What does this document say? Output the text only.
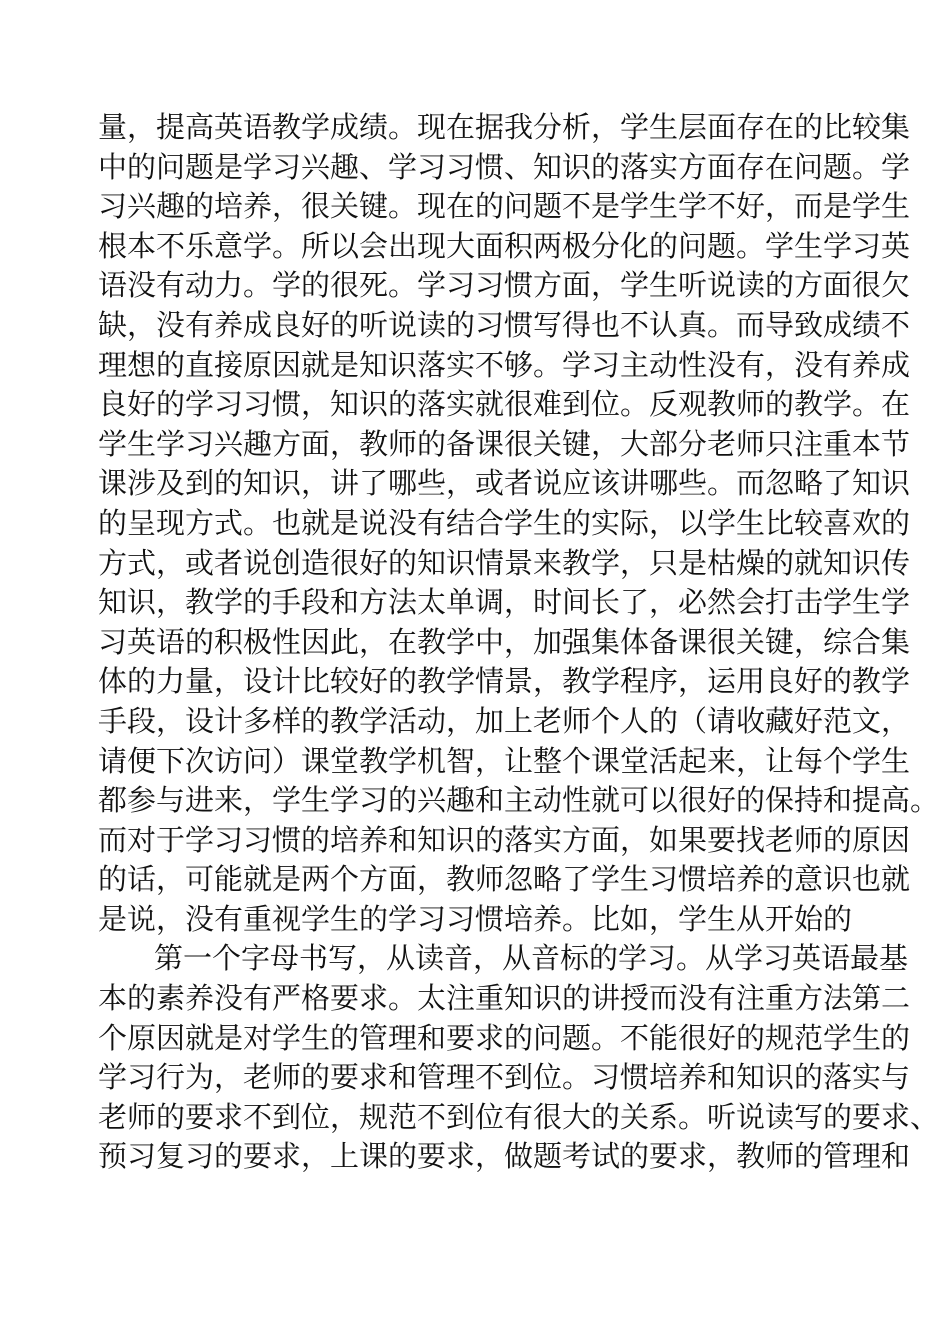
量，提高英语教学成绩。现在据我分析，学生层面存在的比较集
中的问题是学习兴趣、学习习惯、知识的落实方面存在问题。学
习兴趣的培养，很关键。现在的问题不是学生学不好，而是学生
根本不乐意学。所以会出现大面积两极分化的问题。学生学习英
语没有动力。学的很死。学习习惯方面，学生听说读的方面很欠
缺，没有养成良好的听说读的习惯写得也不认真。而导致成绩不
理想的直接原因就是知识落实不够。学习主动性没有，没有养成
良好的学习习惯，知识的落实就很难到位。反观教师的教学。在
学生学习兴趣方面，教师的备课很关键，大部分老师只注重本节
课涉及到的知识，讲了哪些，或者说应该讲哪些。而忽略了知识
的呈现方式。也就是说没有结合学生的实际，以学生比较喜欢的
方式，或者说创造很好的知识情景来教学，只是枯燥的就知识传
知识，教学的手段和方法太单调，时间长了，必然会打击学生学
习英语的积极性因此，在教学中，加强集体备课很关键，综合集
体的力量，设计比较好的教学情景，教学程序，运用良好的教学
手段，设计多样的教学活动，加上老师个人的（请收藏好范文，
请便下次访问）课堂教学机智，让整个课堂活起来，让每个学生
都参与进来，学生学习的兴趣和主动性就可以很好的保持和提高。
而对于学习习惯的培养和知识的落实方面，如果要找老师的原因
的话，可能就是两个方面，教师忽略了学生习惯培养的意识也就
是说，没有重视学生的学习习惯培养。比如，学生从开始的
第一个字母书写，从读音，从音标的学习。从学习英语最基
本的素养没有严格要求。太注重知识的讲授而没有注重方法第二
个原因就是对学生的管理和要求的问题。不能很好的规范学生的
学习行为，老师的要求和管理不到位。习惯培养和知识的落实与
老师的要求不到位，规范不到位有很大的关系。听说读写的要求、
预习复习的要求，上课的要求，做题考试的要求，教师的管理和
